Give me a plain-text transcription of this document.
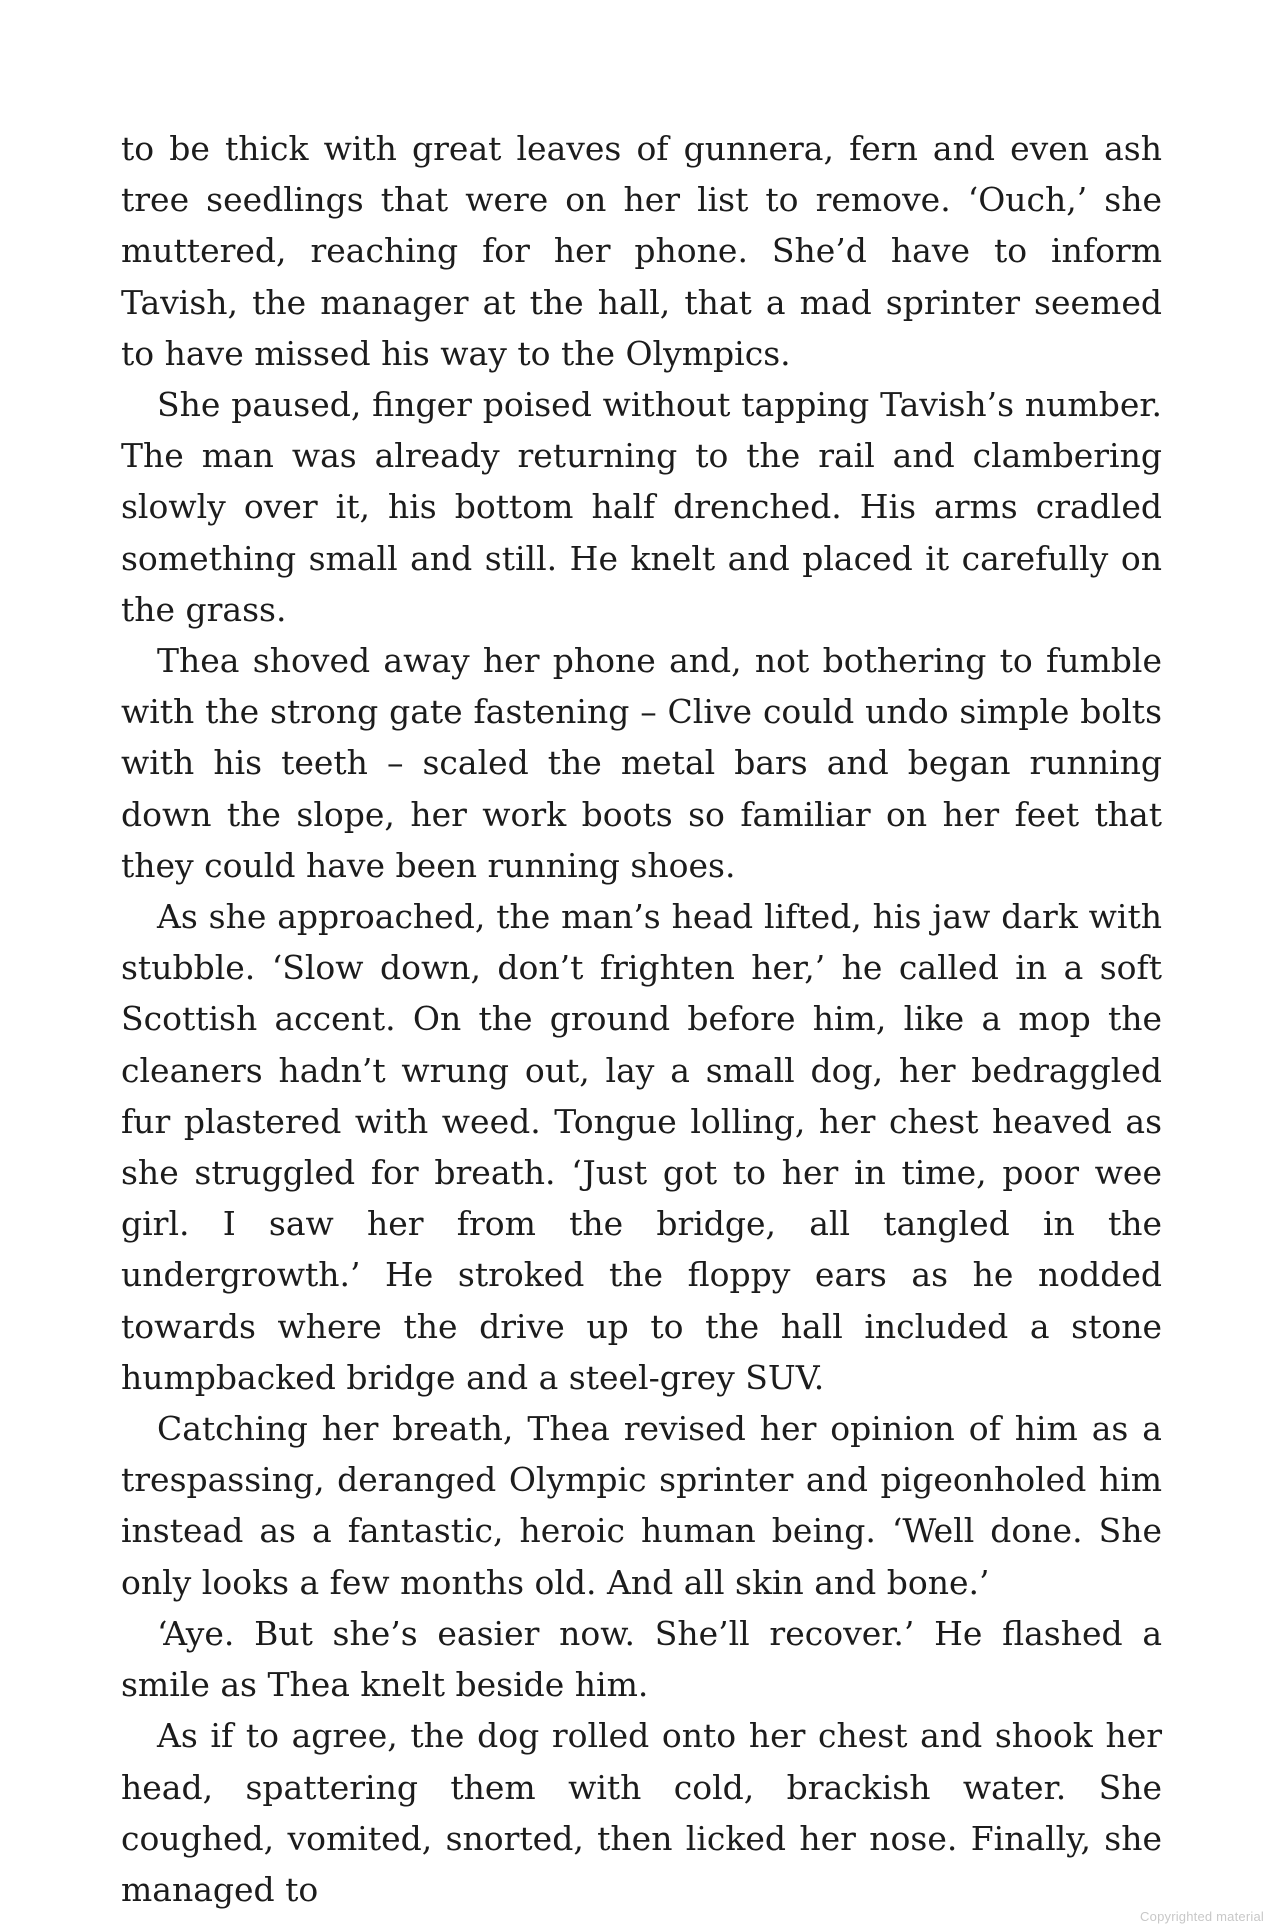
to be thick with great leaves of gunnera, fern and even ash tree seedlings that were on her list to remove. ‘Ouch,’ she muttered, reaching for her phone. She’d have to inform Tavish, the manager at the hall, that a mad sprinter seemed to have missed his way to the Olympics.

She paused, finger poised without tapping Tavish’s number. The man was already returning to the rail and clambering slowly over it, his bottom half drenched. His arms cradled something small and still. He knelt and placed it carefully on the grass.

Thea shoved away her phone and, not bothering to fumble with the strong gate fastening – Clive could undo simple bolts with his teeth – scaled the metal bars and began running down the slope, her work boots so familiar on her feet that they could have been running shoes.

As she approached, the man’s head lifted, his jaw dark with stubble. ‘Slow down, don’t frighten her,’ he called in a soft Scottish accent. On the ground before him, like a mop the cleaners hadn’t wrung out, lay a small dog, her bedraggled fur plastered with weed. Tongue lolling, her chest heaved as she struggled for breath. ‘Just got to her in time, poor wee girl. I saw her from the bridge, all tangled in the undergrowth.’ He stroked the floppy ears as he nodded towards where the drive up to the hall included a stone humpbacked bridge and a steel-grey SUV.

Catching her breath, Thea revised her opinion of him as a trespassing, deranged Olympic sprinter and pigeonholed him instead as a fantastic, heroic human being. ‘Well done. She only looks a few months old. And all skin and bone.’

‘Aye. But she’s easier now. She’ll recover.’ He flashed a smile as Thea knelt beside him.

As if to agree, the dog rolled onto her chest and shook her head, spattering them with cold, brackish water. She coughed, vomited, snorted, then licked her nose. Finally, she managed to

Copyrighted material
